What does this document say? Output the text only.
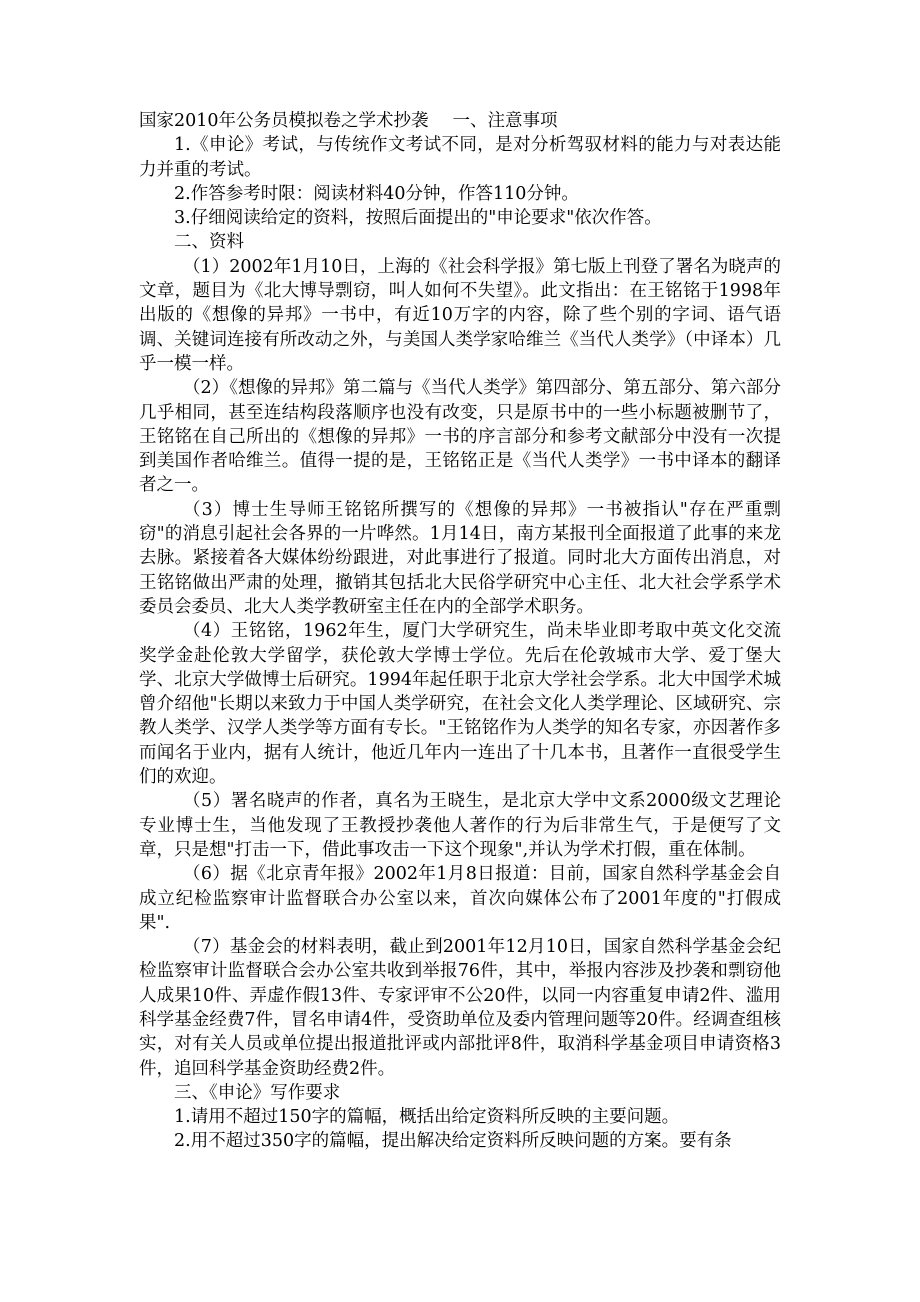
国家2010年公务员模拟卷之学术抄袭 一、注意事项

1.《申论》考试，与传统作文考试不同，是对分析驾驭材料的能力与对表达能力并重的考试。

2.作答参考时限：阅读材料40分钟，作答110分钟。

3.仔细阅读给定的资料，按照后面提出的"申论要求"依次作答。

二、资料

（1）2002年1月10日，上海的《社会科学报》第七版上刊登了署名为晓声的文章，题目为《北大博导剽窃，叫人如何不失望》。此文指出：在王铭铭于1998年出版的《想像的异邦》一书中，有近10万字的内容，除了些个别的字词、语气语调、关键词连接有所改动之外，与美国人类学家哈维兰《当代人类学》（中译本）几乎一模一样。

（2）《想像的异邦》第二篇与《当代人类学》第四部分、第五部分、第六部分几乎相同，甚至连结构段落顺序也没有改变，只是原书中的一些小标题被删节了，王铭铭在自己所出的《想像的异邦》一书的序言部分和参考文献部分中没有一次提到美国作者哈维兰。值得一提的是，王铭铭正是《当代人类学》一书中译本的翻译者之一。

（3）博士生导师王铭铭所撰写的《想像的异邦》一书被指认"存在严重剽窃"的消息引起社会各界的一片哗然。1月14日，南方某报刊全面报道了此事的来龙去脉。紧接着各大媒体纷纷跟进，对此事进行了报道。同时北大方面传出消息，对王铭铭做出严肃的处理，撤销其包括北大民俗学研究中心主任、北大社会学系学术委员会委员、北大人类学教研室主任在内的全部学术职务。

（4）王铭铭，1962年生，厦门大学研究生，尚未毕业即考取中英文化交流奖学金赴伦敦大学留学，获伦敦大学博士学位。先后在伦敦城市大学、爱丁堡大学、北京大学做博士后研究。1994年起任职于北京大学社会学系。北大中国学术城曾介绍他"长期以来致力于中国人类学研究，在社会文化人类学理论、区域研究、宗教人类学、汉学人类学等方面有专长。"王铭铭作为人类学的知名专家，亦因著作多而闻名于业内，据有人统计，他近几年内一连出了十几本书，且著作一直很受学生们的欢迎。

（5）署名晓声的作者，真名为王晓生，是北京大学中文系2000级文艺理论专业博士生，当他发现了王教授抄袭他人著作的行为后非常生气，于是便写了文章，只是想"打击一下，借此事攻击一下这个现象",并认为学术打假，重在体制。

（6）据《北京青年报》2002年1月8日报道：目前，国家自然科学基金会自成立纪检监察审计监督联合办公室以来，首次向媒体公布了2001年度的"打假成果".

（7）基金会的材料表明，截止到2001年12月10日，国家自然科学基金会纪检监察审计监督联合会办公室共收到举报76件，其中，举报内容涉及抄袭和剽窃他人成果10件、弄虚作假13件、专家评审不公20件，以同一内容重复申请2件、滥用科学基金经费7件，冒名申请4件，受资助单位及委内管理问题等20件。经调查组核实，对有关人员或单位提出报道批评或内部批评8件，取消科学基金项目申请资格3件，追回科学基金资助经费2件。

三、《申论》写作要求

1.请用不超过150字的篇幅，概括出给定资料所反映的主要问题。

2.用不超过350字的篇幅，提出解决给定资料所反映问题的方案。要有条
